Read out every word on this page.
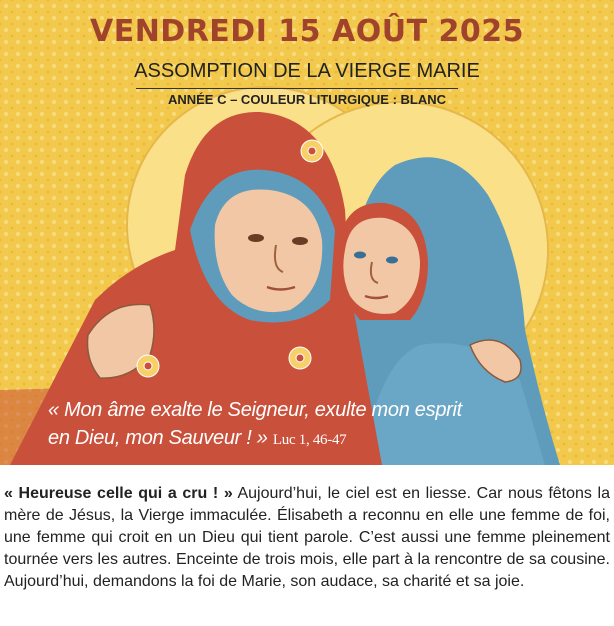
VENDREDI 15 AOÛT 2025
ASSOMPTION DE LA VIERGE MARIE
ANNÉE C – COULEUR LITURGIQUE : BLANC
« Mon âme exalte le Seigneur, exulte mon esprit en Dieu, mon Sauveur ! » Luc 1, 46-47
« Heureuse celle qui a cru ! » Aujourd’hui, le ciel est en liesse. Car nous fêtons la mère de Jésus, la Vierge immaculée. Élisabeth a reconnu en elle une femme de foi, une femme qui croit en un Dieu qui tient parole. C’est aussi une femme pleinement tournée vers les autres. Enceinte de trois mois, elle part à la rencontre de sa cousine. Aujourd’hui, demandons la foi de Marie, son audace, sa charité et sa joie.
